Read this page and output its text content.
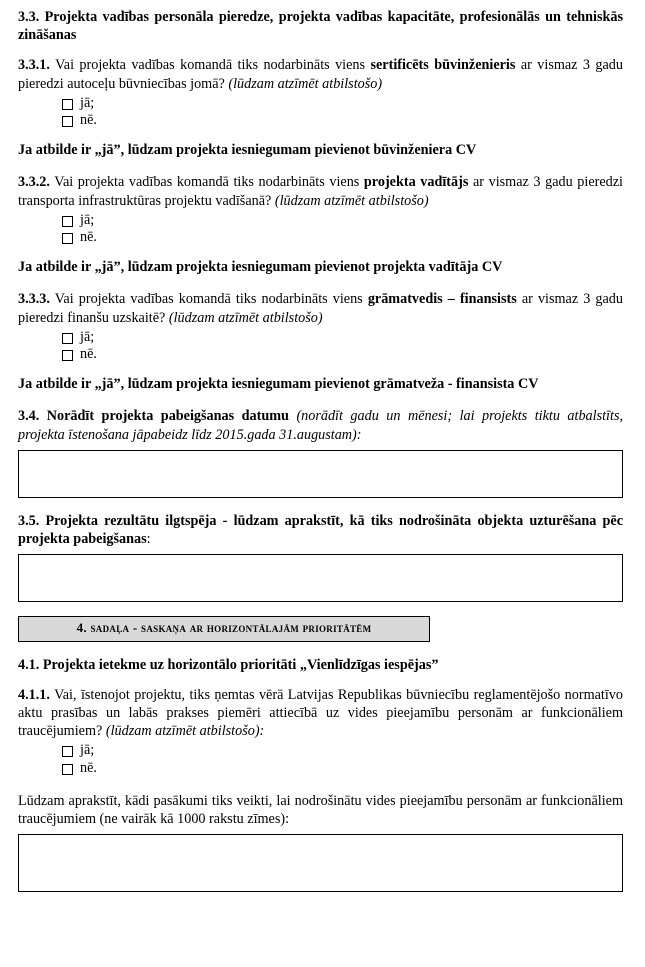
3.3. Projekta vadības personāla pieredze, projekta vadības kapacitāte, profesionālās un tehniskās zināšanas
3.3.1. Vai projekta vadības komandā tiks nodarbināts viens sertificēts būvinženieris ar vismaz 3 gadu pieredzi autoceļu būvniecības jomā? (lūdzam atzīmēt atbilstošo)
jā;
nē.
Ja atbilde ir „jā”, lūdzam projekta iesniegumam pievienot būvinženiera CV
3.3.2. Vai projekta vadības komandā tiks nodarbināts viens projekta vadītājs ar vismaz 3 gadu pieredzi transporta infrastruktūras projektu vadīšanā? (lūdzam atzīmēt atbilstošo)
jā;
nē.
Ja atbilde ir „jā”, lūdzam projekta iesniegumam pievienot projekta vadītāja CV
3.3.3. Vai projekta vadības komandā tiks nodarbināts viens grāmatvedis – finansists ar vismaz 3 gadu pieredzi finanšu uzskaitē? (lūdzam atzīmēt atbilstošo)
jā;
nē.
Ja atbilde ir „jā”, lūdzam projekta iesniegumam pievienot grāmatveža - finansista CV
3.4. Norādīt projekta pabeigšanas datumu (norādīt gadu un mēnesi; lai projekts tiktu atbalstīts, projekta īstenošana jāpabeidz līdz 2015.gada 31.augustam):
3.5. Projekta rezultātu ilgtspēja - lūdzam aprakstīt, kā tiks nodrošināta objekta uzturēšana pēc projekta pabeigšanas:
4. sadaļa - saskaņa ar horizontālajām prioritātēm
4.1. Projekta ietekme uz horizontālo prioritāti „Vienlīdzīgas iespējas”
4.1.1. Vai, īstenojot projektu, tiks ņemtas vērā Latvijas Republikas būvniecību reglamentējošo normatīvo aktu prasības un labās prakses piemēri attiecībā uz vides pieejamību personām ar funkcionāliem traucējumiem? (lūdzam atzīmēt atbilstošo):
jā;
nē.
Lūdzam aprakstīt, kādi pasākumi tiks veikti, lai nodrošinātu vides pieejamību personām ar funkcionāliem traucējumiem (ne vairāk kā 1000 rakstu zīmes):
